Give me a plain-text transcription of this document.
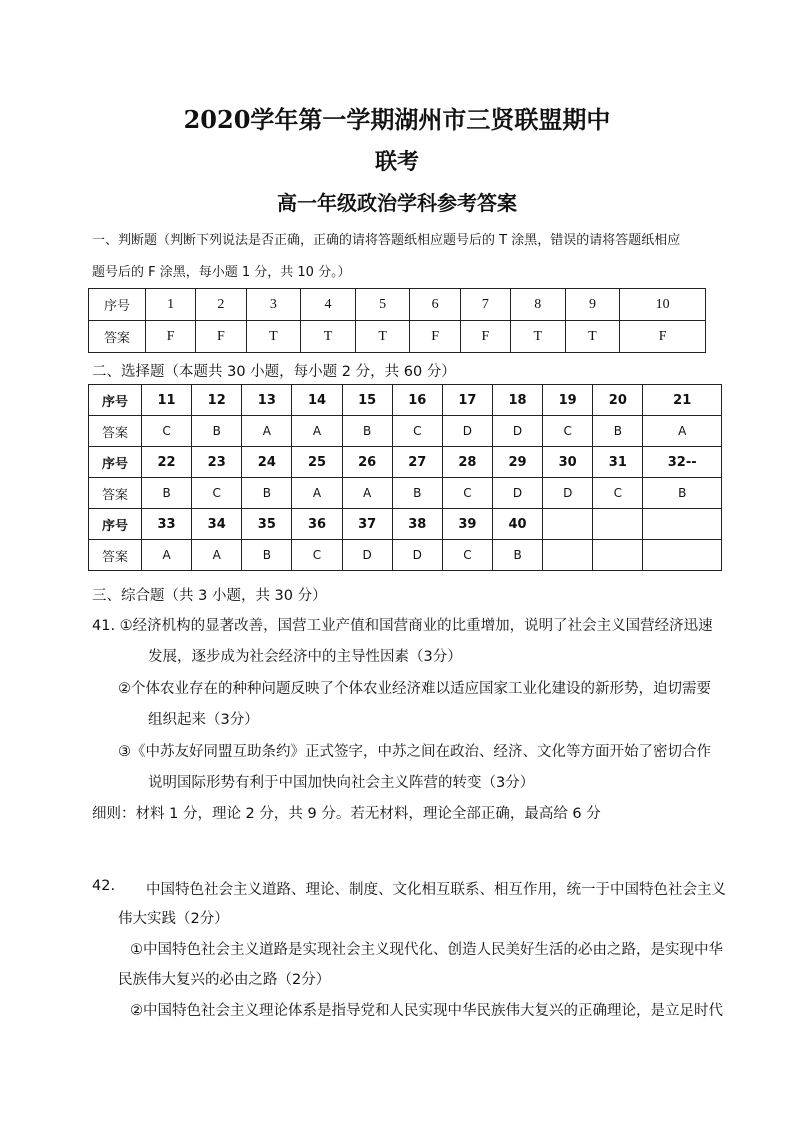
2020学年第一学期湖州市三贤联盟期中
联考
高一年级政治学科参考答案
一、判断题（判断下列说法是否正确，正确的请将答题纸相应题号后的 T 涂黑，错误的请将答题纸相应
题号后的 F 涂黑，每小题 1 分，共 10 分。）
序号	1	2	3	4	5	6	7	8	9	10
答案	F	F	T	T	T	F	F	T	T	F
二、选择题（本题共 30 小题，每小题 2 分，共 60 分）
序号	11	12	13	14	15	16	17	18	19	20	21
答案	C	B	A	A	B	C	D	D	C	B	A
序号	22	23	24	25	26	27	28	29	30	31	32--
答案	B	C	B	A	A	B	C	D	D	C	B
序号	33	34	35	36	37	38	39	40			
答案	A	A	B	C	D	D	C	B			
三、综合题（共 3 小题，共 30 分）
41. ①经济机构的显著改善，国营工业产值和国营商业的比重增加，说明了社会主义国营经济迅速
发展，逐步成为社会经济中的主导性因素（3分）
②个体农业存在的种种问题反映了个体农业经济难以适应国家工业化建设的新形势，迫切需要
组织起来（3分）
③《中苏友好同盟互助条约》正式签字，中苏之间在政治、经济、文化等方面开始了密切合作
说明国际形势有利于中国加快向社会主义阵营的转变（3分）
细则：材料 1 分，理论 2 分，共 9 分。若无材料，理论全部正确，最高给 6 分
42. 中国特色社会主义道路、理论、制度、文化相互联系、相互作用，统一于中国特色社会主义
伟大实践（2分）
①中国特色社会主义道路是实现社会主义现代化、创造人民美好生活的必由之路，是实现中华
民族伟大复兴的必由之路（2分）
②中国特色社会主义理论体系是指导党和人民实现中华民族伟大复兴的正确理论，是立足时代
